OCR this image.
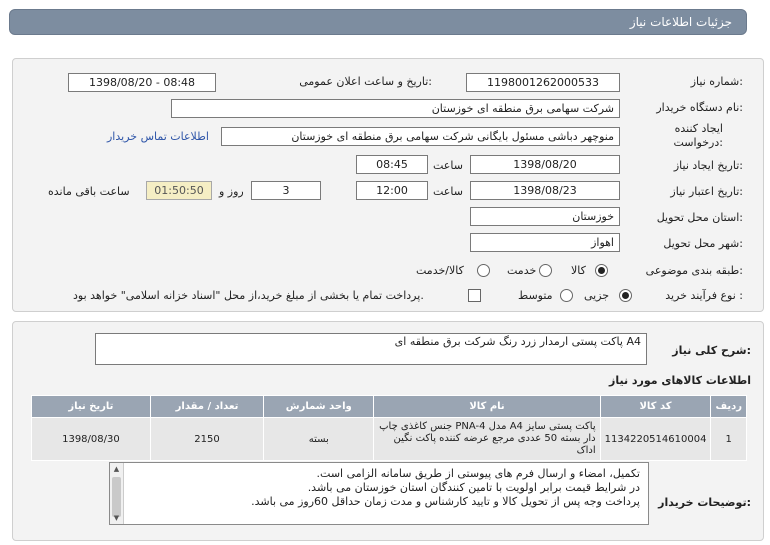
جزئیات اطلاعات نیاز
شماره نیاز:
1198001262000533
تاریخ و ساعت اعلان عمومی:
1398/08/20 - 08:48
نام دستگاه خریدار:
شرکت سهامی برق منطقه ای خوزستان
ایجاد کننده
درخواست:
منوچهر دباشی مسئول بایگانی شرکت سهامی برق منطقه ای خوزستان
اطلاعات تماس خریدار
تاریخ ایجاد نیاز:
1398/08/20
ساعت
08:45
تاریخ اعتبار نیاز:
1398/08/23
ساعت
12:00
3
روز و
01:50:50
ساعت باقی مانده
استان محل تحویل:
خوزستان
شهر محل تحویل:
اهواز
طبقه بندی موضوعی:
کالا
خدمت
کالا/خدمت
نوع فرآیند خرید :
جزیی
متوسط
پرداخت تمام یا بخشی از مبلغ خرید،از محل "اسناد خزانه اسلامی" خواهد بود.
شرح کلی نیاز:
پاکت پستی ارمدار زرد رنگ شرکت برق منطقه ای A4
اطلاعات کالاهای مورد نیاز
ردیف	کد کالا	نام کالا	واحد شمارش	تعداد / مقدار	تاریخ نیاز
1	1134220514610004	پاکت پستی سایز A4 مدل PNA-4 جنس کاغذی چاپ دار بسته 50 عددی مرجع عرضه کننده پاکت نگین اداک	بسته	2150	1398/08/30
توضیحات خریدار:
▲
▼
تکمیل، امضاء و ارسال فرم های پیوستی از طریق سامانه الزامی است.
در شرایط قیمت برابر اولویت با تامین کنندگان استان خوزستان می باشد.
پرداخت وجه پس از تحویل کالا و تایید کارشناس و مدت زمان حداقل 60روز می باشد.
